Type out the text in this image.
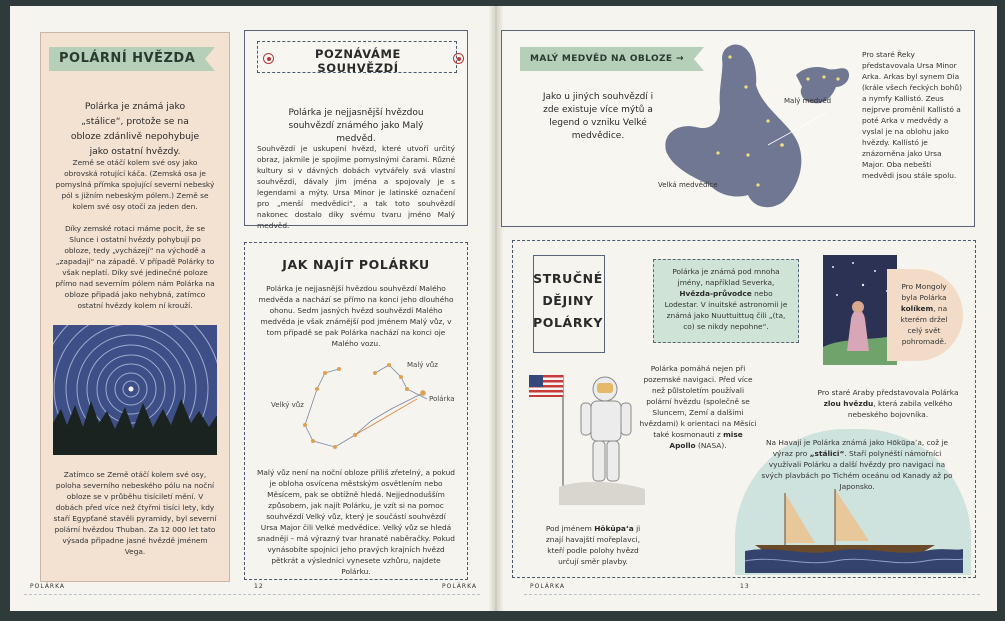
POLÁRNÍ HVĚZDA

Polárka je známá jako „stálice“, protože se na obloze zdánlivě nepohybuje jako ostatní hvězdy.

Země se otáčí kolem své osy jako obrovská rotující káča. (Zemská osa je pomyslná přímka spojující severní nebeský pól s jižním nebeským pólem.) Země se kolem své osy otočí za jeden den.

Díky zemské rotaci máme pocit, že se Slunce i ostatní hvězdy pohybují po obloze, tedy „vycházejí“ na východě a „zapadají“ na západě. V případě Polárky to však neplatí. Díky své jedinečné poloze přímo nad severním pólem nám Polárka na obloze připadá jako nehybná, zatímco ostatní hvězdy kolem ní krouží.

Zatímco se Země otáčí kolem své osy, poloha severního nebeského pólu na noční obloze se v průběhu tisíciletí mění. V dobách před více než čtyřmi tisíci lety, kdy staří Egypťané stavěli pyramidy, byl severní polární hvězdou Thuban. Za 12 000 let tato výsada připadne jasné hvězdě jménem Vega.

POZNÁVÁME SOUHVĚZDÍ

Polárka je nejjasnější hvězdou souhvězdí známého jako Malý medvěd.

Souhvězdí je uskupení hvězd, které utvoří určitý obraz, jakmile je spojíme pomyslnými čarami. Různé kultury si v dávných dobách vytvářely svá vlastní souhvězdí, dávaly jim jména a spojovaly je s legendami a mýty. Ursa Minor je latinské označení pro „menší medvědici“, a tak toto souhvězdí nakonec dostalo díky svému tvaru jméno Malý medvěd.

JAK NAJÍT POLÁRKU

Polárka je nejjasnější hvězdou souhvězdí Malého medvěda a nachází se přímo na konci jeho dlouhého ohonu. Sedm jasných hvězd souhvězdí Malého medvěda je však známější pod jménem Malý vůz, v tom případě se pak Polárka nachází na konci oje Malého vozu.

Malý vůz
Velký vůz
Polárka

Malý vůz není na noční obloze příliš zřetelný, a pokud je obloha osvícena městským osvětlením nebo Měsícem, pak se obtížně hledá. Nejjednodušším způsobem, jak najít Polárku, je vzít si na pomoc souhvězdí Velký vůz, který je součástí souhvězdí Ursa Major čili Velké medvědice. Velký vůz se hledá snadněji – má výrazný tvar hranaté naběračky. Pokud vynásobíte spojnici jeho pravých krajních hvězd pětkrát a výslednici vynesete vzhůru, najdete Polárku.

POLÁRKA	12
MALÝ MEDVĚD NA OBLOZE →

Jako u jiných souhvězdí i zde existuje více mýtů a legend o vzniku Velké medvědice.

Malý medvěd
Velká medvědice

Pro staré Řeky představovala Ursa Minor Arka. Arkas byl synem Dia (krále všech řeckých bohů) a nymfy Kallistó. Zeus nejprve proměnil Kallistó a poté Arka v medvědy a vyslal je na oblohu jako hvězdy. Kallistó je znázorněna jako Ursa Major. Oba nebeští medvědi jsou stále spolu.

STRUČNÉ
DĚJINY
POLÁRKY

Polárka je známá pod mnoha jmény, například Severka, Hvězda-průvodce nebo Lodestar. V inuitské astronomii je známá jako Nuuttuittuq čili „(ta, co) se nikdy nepohne“.

Pro Mongoly byla Polárka kolíkem, na kterém držel celý svět pohromadě.

Polárka pomáhá nejen při pozemské navigaci. Před více než půlstoletím používali polární hvězdu (společně se Sluncem, Zemí a dalšími hvězdami) k orientaci na Měsíci také kosmonauti z mise Apollo (NASA).

Pro staré Araby představovala Polárka zlou hvězdu, která zabila velkého nebeského bojovníka.

Na Havaji je Polárka známá jako Hōkūpaʻa, což je výraz pro „stálici“. Staří polynéští námořníci využívali Polárku a další hvězdy pro navigaci na svých plavbách po Tichém oceánu od Kanady až po Japonsko.

Pod jménem Hōkūpaʻa ji znají havajští mořeplavci, kteří podle polohy hvězd určují směr plavby.

POLÁRKA	13
POLÁRKA
